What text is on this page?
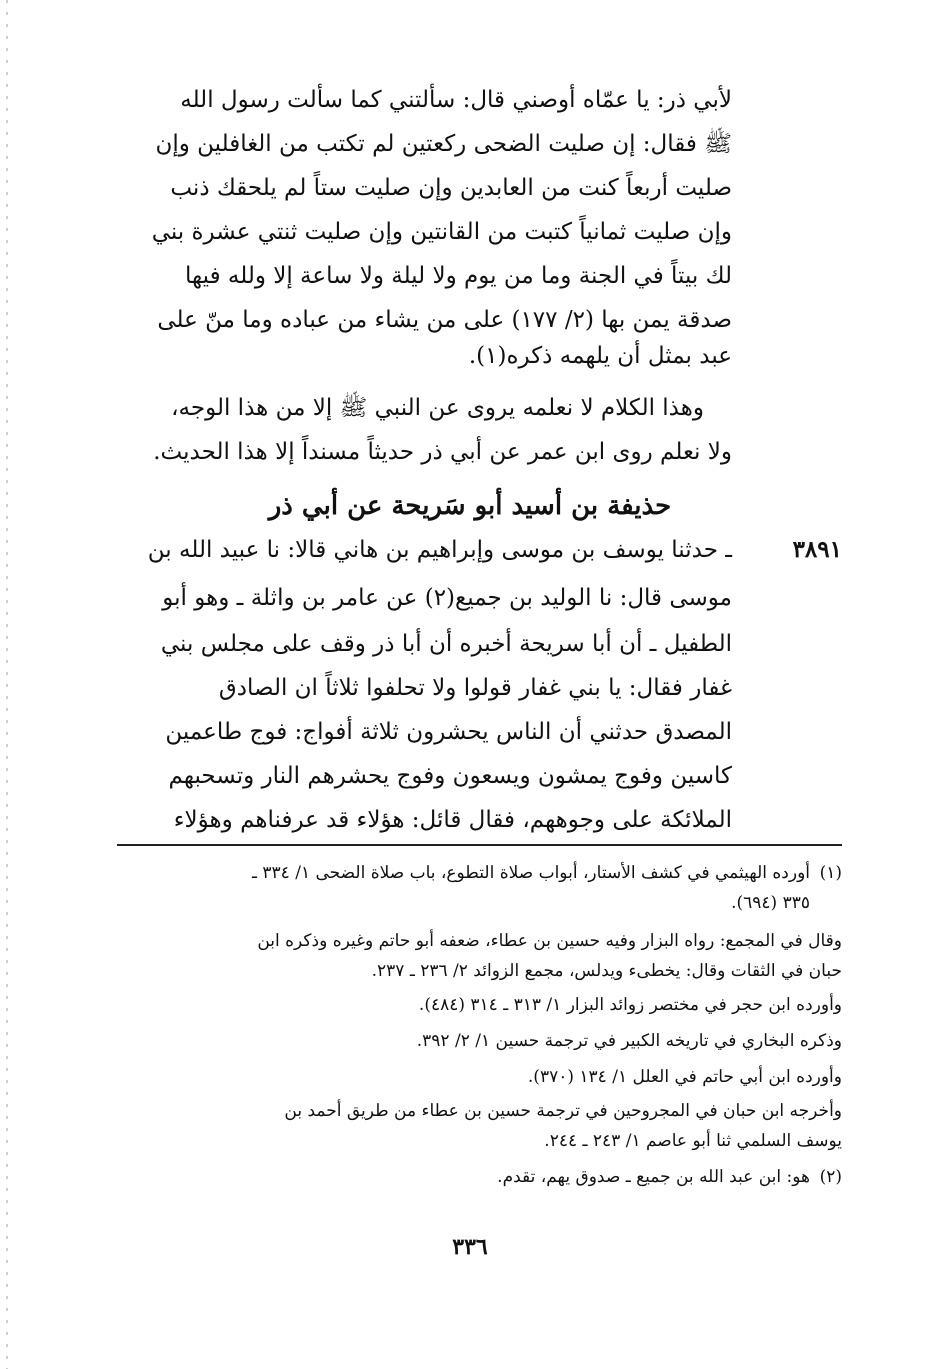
لأبي ذر: يا عمّاه أوصني قال: سألتني كما سألت رسول الله
ﷺ فقال: إن صليت الضحى ركعتين لم تكتب من الغافلين وإن
صليت أربعاً كنت من العابدين وإن صليت ستاً لم يلحقك ذنب
وإن صليت ثمانياً كتبت من القانتين وإن صليت ثنتي عشرة بني
لك بيتاً في الجنة وما من يوم ولا ليلة ولا ساعة إلا ولله فيها
صدقة يمن بها (٢/ ١٧٧) على من يشاء من عباده وما منّ على
عبد بمثل أن يلهمه ذكره(١).
وهذا الكلام لا نعلمه يروى عن النبي ﷺ إلا من هذا الوجه،
ولا نعلم روى ابن عمر عن أبي ذر حديثاً مسنداً إلا هذا الحديث.
حذيفة بن أسيد أبو سَريحة عن أبي ذر
٣٨٩١
ـ حدثنا يوسف بن موسى وإبراهيم بن هاني قالا: نا عبيد الله بن
موسى قال: نا الوليد بن جميع(٢) عن عامر بن واثلة ـ وهو أبو
الطفيل ـ أن أبا سريحة أخبره أن أبا ذر وقف على مجلس بني
غفار فقال: يا بني غفار قولوا ولا تحلفوا ثلاثاً ان الصادق
المصدق حدثني أن الناس يحشرون ثلاثة أفواج: فوج طاعمين
كاسين وفوج يمشون ويسعون وفوج يحشرهم النار وتسحبهم
الملائكة على وجوههم، فقال قائل: هؤلاء قد عرفناهم وهؤلاء
(١)
أورده الهيثمي في كشف الأستار، أبواب صلاة التطوع، باب صلاة الضحى ١/ ٣٣٤ ـ
٣٣٥ (٦٩٤).
وقال في المجمع: رواه البزار وفيه حسين بن عطاء، ضعفه أبو حاتم وغيره وذكره ابن
حبان في الثقات وقال: يخطىء ويدلس، مجمع الزوائد ٢/ ٢٣٦ ـ ٢٣٧.
وأورده ابن حجر في مختصر زوائد البزار ١/ ٣١٣ ـ ٣١٤ (٤٨٤).
وذكره البخاري في تاريخه الكبير في ترجمة حسين ١/ ٢/ ٣٩٢.
وأورده ابن أبي حاتم في العلل ١/ ١٣٤ (٣٧٠).
وأخرجه ابن حبان في المجروحين في ترجمة حسين بن عطاء من طريق أحمد بن
يوسف السلمي ثنا أبو عاصم ١/ ٢٤٣ ـ ٢٤٤.
(٢)
هو: ابن عبد الله بن جميع ـ صدوق يهم، تقدم.
٣٣٦
